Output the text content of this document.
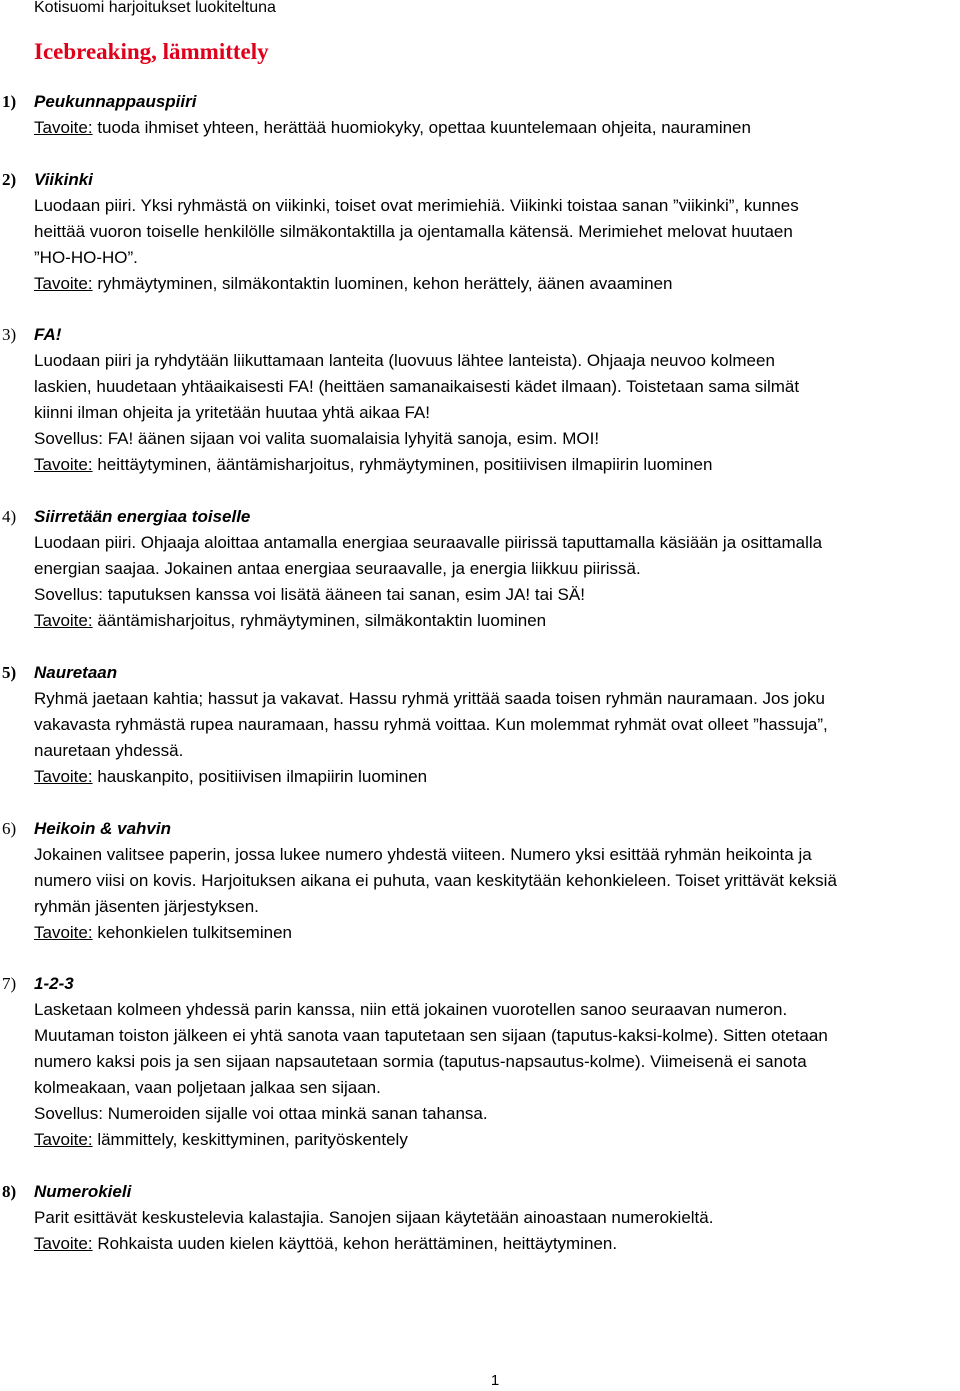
Kotisuomi harjoitukset luokiteltuna
Icebreaking, lämmittely
1) Peukunnappauspiiri

Tavoite: tuoda ihmiset yhteen, herättää huomiokyky, opettaa kuuntelemaan ohjeita, nauraminen

2) Viikinki

Luodaan piiri. Yksi ryhmästä on viikinki, toiset ovat merimiehiä. Viikinki toistaa sanan ”viikinki”, kunnes

heittää vuoron toiselle henkilölle silmäkontaktilla ja ojentamalla kätensä. Merimiehet melovat huutaen

”HO-HO-HO”.

Tavoite: ryhmäytyminen, silmäkontaktin luominen, kehon herättely, äänen avaaminen

3) FA!

Luodaan piiri ja ryhdytään liikuttamaan lanteita (luovuus lähtee lanteista). Ohjaaja neuvoo kolmeen

laskien, huudetaan yhtäaikaisesti FA! (heittäen samanaikaisesti kädet ilmaan). Toistetaan sama silmät

kiinni ilman ohjeita ja yritetään huutaa yhtä aikaa FA!

Sovellus: FA! äänen sijaan voi valita suomalaisia lyhyitä sanoja, esim. MOI!

Tavoite: heittäytyminen, ääntämisharjoitus, ryhmäytyminen, positiivisen ilmapiirin luominen

4) Siirretään energiaa toiselle

Luodaan piiri. Ohjaaja aloittaa antamalla energiaa seuraavalle piirissä taputtamalla käsiään ja osittamalla

energian saajaa. Jokainen antaa energiaa seuraavalle, ja energia liikkuu piirissä.

Sovellus: taputuksen kanssa voi lisätä ääneen tai sanan, esim JA! tai SÄ!

Tavoite: ääntämisharjoitus, ryhmäytyminen, silmäkontaktin luominen

5) Nauretaan

Ryhmä jaetaan kahtia; hassut ja vakavat. Hassu ryhmä yrittää saada toisen ryhmän nauramaan. Jos joku

vakavasta ryhmästä rupea nauramaan, hassu ryhmä voittaa. Kun molemmat ryhmät ovat olleet ”hassuja”,

nauretaan yhdessä.

Tavoite: hauskanpito, positiivisen ilmapiirin luominen

6) Heikoin & vahvin

Jokainen valitsee paperin, jossa lukee numero yhdestä viiteen. Numero yksi esittää ryhmän heikointa ja

numero viisi on kovis. Harjoituksen aikana ei puhuta, vaan keskitytään kehonkieleen. Toiset yrittävät keksiä

ryhmän jäsenten järjestyksen.

Tavoite: kehonkielen tulkitseminen

7) 1-2-3

Lasketaan kolmeen yhdessä parin kanssa, niin että jokainen vuorotellen sanoo seuraavan numeron.

Muutaman toiston jälkeen ei yhtä sanota vaan taputetaan sen sijaan (taputus-kaksi-kolme). Sitten otetaan

numero kaksi pois ja sen sijaan napsautetaan sormia (taputus-napsautus-kolme). Viimeisenä ei sanota

kolmeakaan, vaan poljetaan jalkaa sen sijaan.

Sovellus: Numeroiden sijalle voi ottaa minkä sanan tahansa.

Tavoite: lämmittely, keskittyminen, parityöskentely

8) Numerokieli

Parit esittävät keskustelevia kalastajia. Sanojen sijaan käytetään ainoastaan numerokieltä.

Tavoite: Rohkaista uuden kielen käyttöä, kehon herättäminen, heittäytyminen.

1
